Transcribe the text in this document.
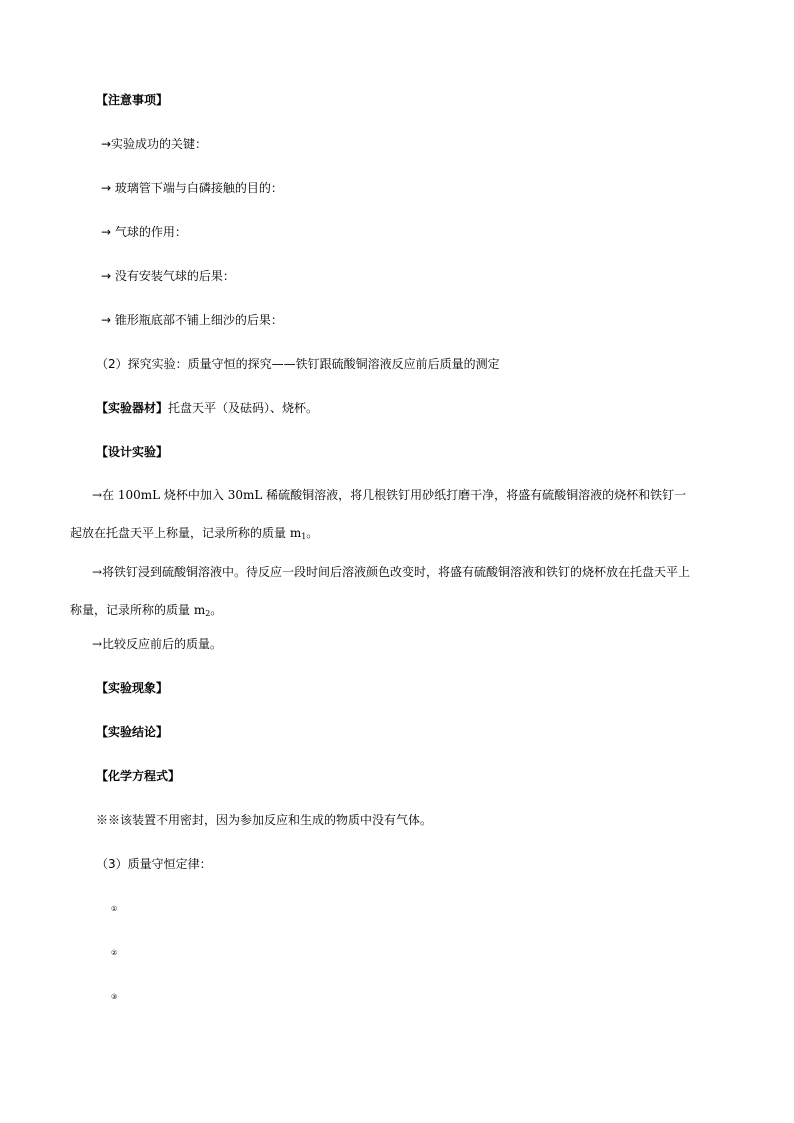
【注意事项】
→实验成功的关键：
→ 玻璃管下端与白磷接触的目的：
→ 气球的作用：
→ 没有安装气球的后果：
→ 锥形瓶底部不铺上细沙的后果：
（2）探究实验：质量守恒的探究——铁钉跟硫酸铜溶液反应前后质量的测定
【实验器材】托盘天平（及砝码）、烧杯。
【设计实验】
→在 100mL 烧杯中加入 30mL 稀硫酸铜溶液，将几根铁钉用砂纸打磨干净，将盛有硫酸铜溶液的烧杯和铁钉一起放在托盘天平上称量，记录所称的质量 $m_1$。
→将铁钉浸到硫酸铜溶液中。待反应一段时间后溶液颜色改变时，将盛有硫酸铜溶液和铁钉的烧杯放在托盘天平上称量，记录所称的质量 $m_2$。
→比较反应前后的质量。
【实验现象】
【实验结论】
【化学方程式】
※※该装置不用密封，因为参加反应和生成的物质中没有气体。
（3）质量守恒定律：
①
②
③
